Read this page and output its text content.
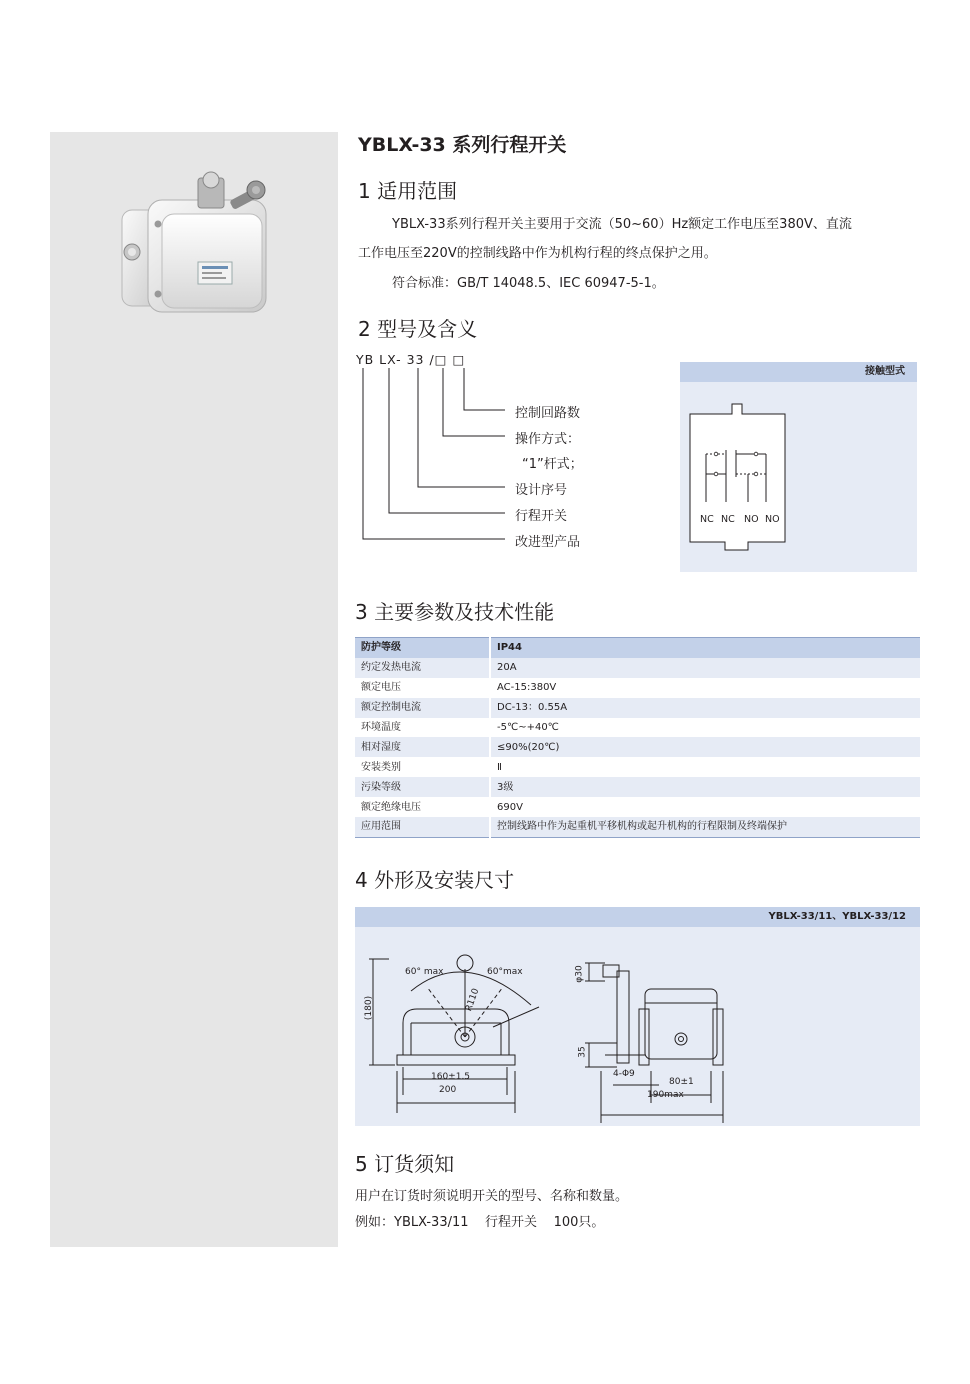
YBLX-33 系列行程开关
1 适用范围
YBLX-33系列行程开关主要用于交流（50~60）Hz额定工作电压至380V、直流
工作电压至220V的控制线路中作为机构行程的终点保护之用。
符合标准：GB/T 14048.5、IEC 60947-5-1。
2 型号及含义
YB LX- 33 /□ □
控制回路数
操作方式：
“1”杆式；
设计序号
行程开关
改进型产品
接触型式
NC NC NO NO
3 主要参数及技术性能
防护等级	IP44
约定发热电流	20A
额定电压	AC-15:380V
额定控制电流	DC-13：0.55A
环境温度	-5℃~+40℃
相对湿度	≤90%(20℃)
安装类别	Ⅱ
污染等级	3级
额定绝缘电压	690V
应用范围	控制线路中作为起重机平移机构或起升机构的行程限制及终端保护
4 外形及安装尺寸
YBLX-33/11、YBLX-33/12
60° max	60°max
R110
(180)
160±1.5
200
φ30
35
4-Φ9
80±1
190max
5 订货须知
用户在订货时须说明开关的型号、名称和数量。
例如：YBLX-33/11    行程开关    100只。
